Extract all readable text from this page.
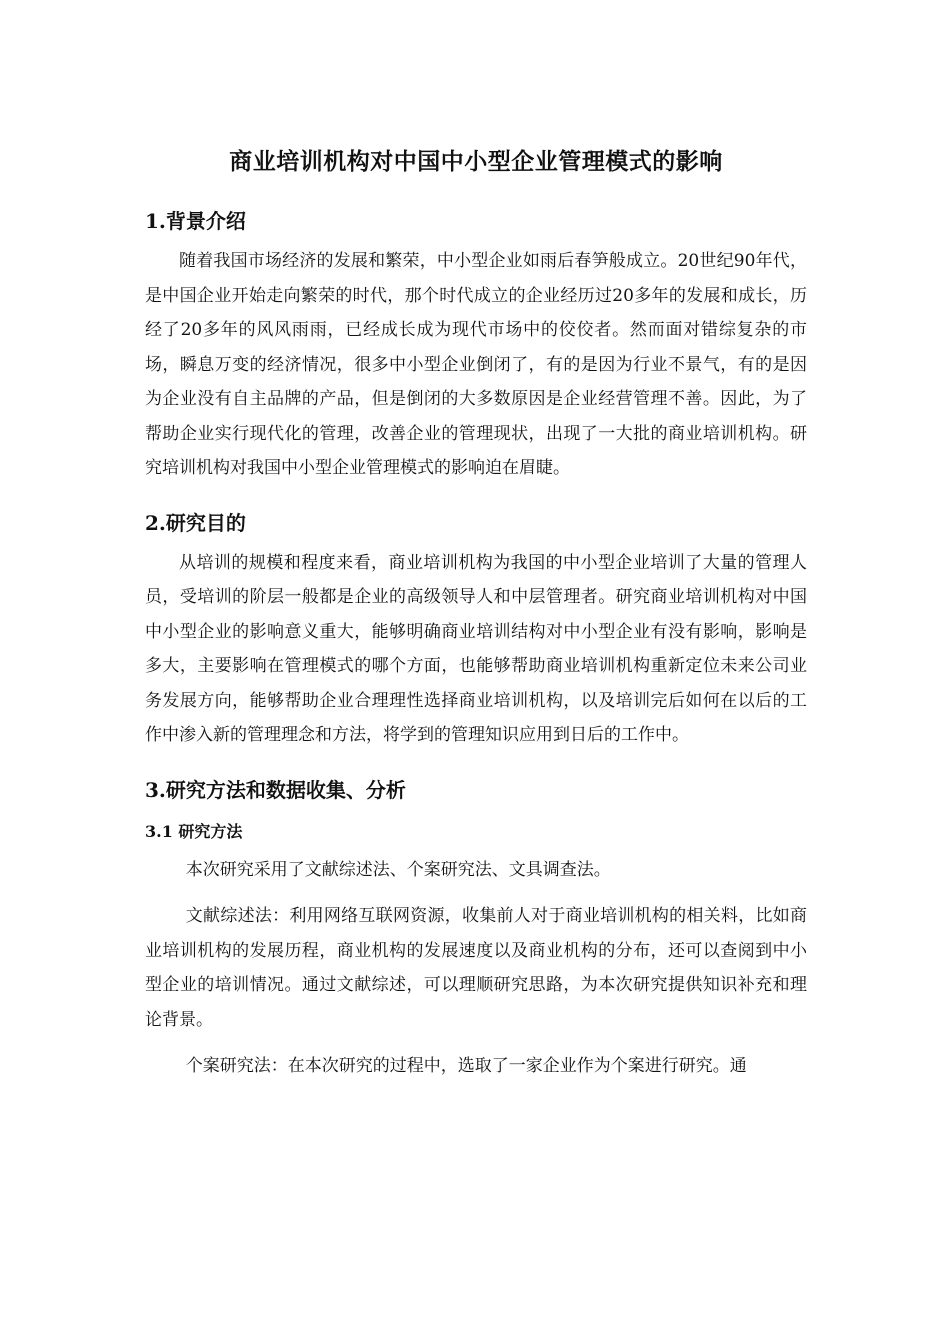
商业培训机构对中国中小型企业管理模式的影响
1.背景介绍

随着我国市场经济的发展和繁荣，中小型企业如雨后春笋般成立。20世纪90年代，是中国企业开始走向繁荣的时代，那个时代成立的企业经历过20多年的发展和成长，历经了20多年的风风雨雨，已经成长成为现代市场中的佼佼者。然而面对错综复杂的市场，瞬息万变的经济情况，很多中小型企业倒闭了，有的是因为行业不景气，有的是因为企业没有自主品牌的产品，但是倒闭的大多数原因是企业经营管理不善。因此，为了帮助企业实行现代化的管理，改善企业的管理现状，出现了一大批的商业培训机构。研究培训机构对我国中小型企业管理模式的影响迫在眉睫。

2.研究目的

从培训的规模和程度来看，商业培训机构为我国的中小型企业培训了大量的管理人员，受培训的阶层一般都是企业的高级领导人和中层管理者。研究商业培训机构对中国中小型企业的影响意义重大，能够明确商业培训结构对中小型企业有没有影响，影响是多大，主要影响在管理模式的哪个方面，也能够帮助商业培训机构重新定位未来公司业务发展方向，能够帮助企业合理理性选择商业培训机构，以及培训完后如何在以后的工作中渗入新的管理理念和方法，将学到的管理知识应用到日后的工作中。

3.研究方法和数据收集、分析
3.1 研究方法

本次研究采用了文献综述法、个案研究法、文具调查法。

文献综述法：利用网络互联网资源，收集前人对于商业培训机构的相关料，比如商业培训机构的发展历程，商业机构的发展速度以及商业机构的分布，还可以查阅到中小型企业的培训情况。通过文献综述，可以理顺研究思路，为本次研究提供知识补充和理论背景。

个案研究法：在本次研究的过程中，选取了一家企业作为个案进行研究。通
